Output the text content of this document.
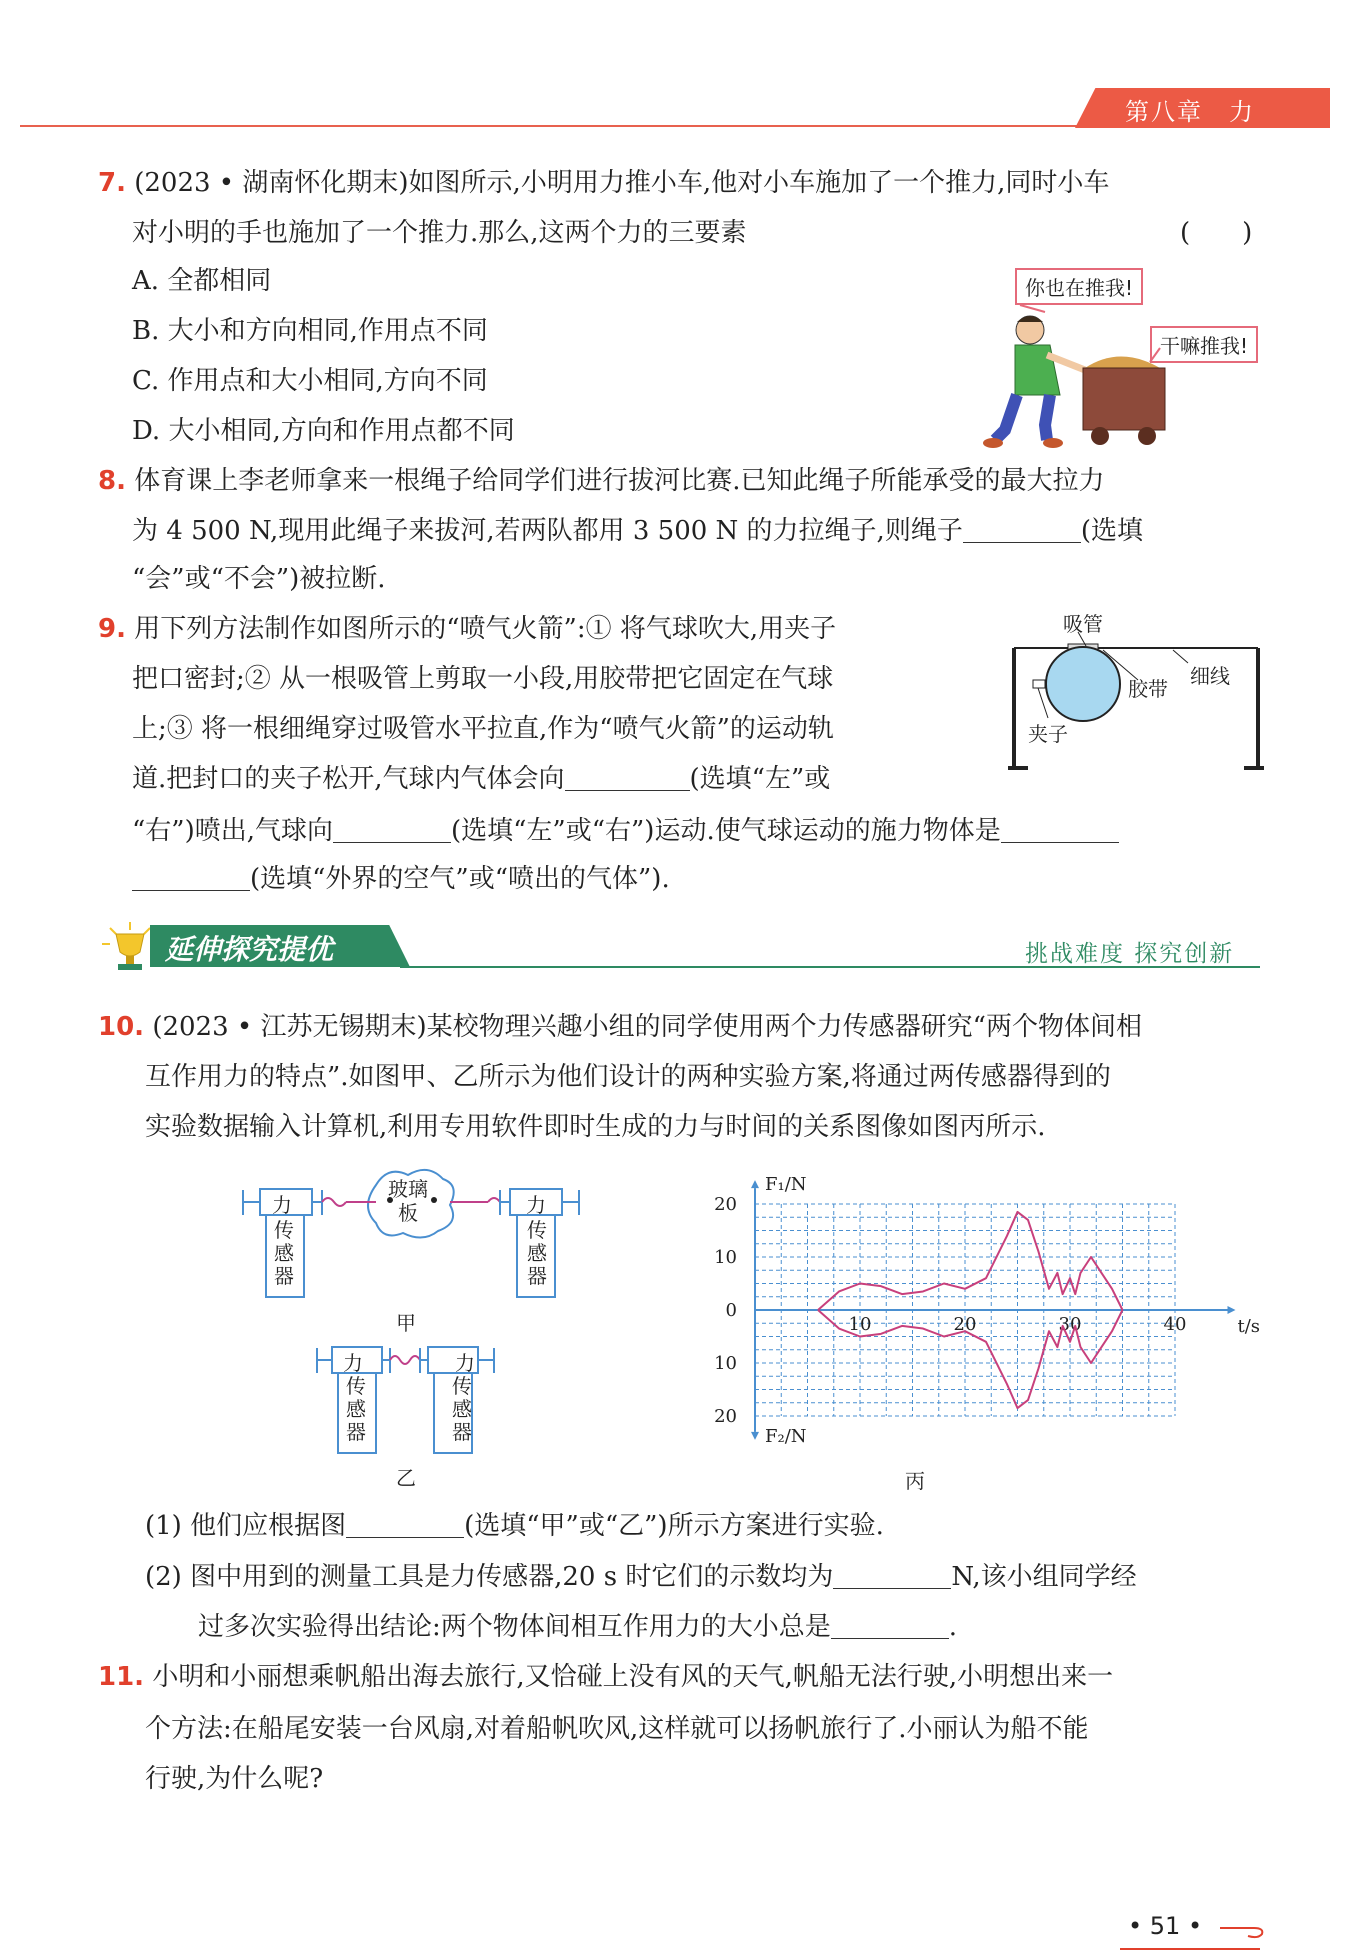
第八章　力
7. (2023 • 湖南怀化期末)如图所示,小明用力推小车,他对小车施加了一个推力,同时小车
对小明的手也施加了一个推力.那么,这两个力的三要素	(　　)
A. 全都相同
B. 大小和方向相同,作用点不同
C. 作用点和大小相同,方向不同
D. 大小相同,方向和作用点都不同
你也在推我!
干嘛推我!
8. 体育课上李老师拿来一根绳子给同学们进行拔河比赛.已知此绳子所能承受的最大拉力
为 4 500 N,现用此绳子来拔河,若两队都用 3 500 N 的力拉绳子,则绳子	(选填
“会”或“不会”)被拉断.
9. 用下列方法制作如图所示的“喷气火箭”:① 将气球吹大,用夹子
把口密封;② 从一根吸管上剪取一小段,用胶带把它固定在气球
上;③ 将一根细绳穿过吸管水平拉直,作为“喷气火箭”的运动轨
道.把封口的夹子松开,气球内气体会向	(选填“左”或
“右”)喷出,气球向	(选填“左”或“右”)运动.使气球运动的施力物体是
(选填“外界的空气”或“喷出的气体”).
吸管
胶带
细线
夹子
延伸探究提优	挑战难度 探究创新
10. (2023 • 江苏无锡期末)某校物理兴趣小组的同学使用两个力传感器研究“两个物体间相
互作用力的特点”.如图甲、乙所示为他们设计的两种实验方案,将通过两传感器得到的
实验数据输入计算机,利用专用软件即时生成的力与时间的关系图像如图丙所示.
力
传感器
玻璃板	力
传感器
甲
力
传感器
力
传感器
乙
10	20	30	40
20
10
10
20
0
F₁/N
F₂/N
t/s
丙
(1) 他们应根据图	(选填“甲”或“乙”)所示方案进行实验.
(2) 图中用到的测量工具是力传感器,20 s 时它们的示数均为	N,该小组同学经
过多次实验得出结论:两个物体间相互作用力的大小总是	.
11. 小明和小丽想乘帆船出海去旅行,又恰碰上没有风的天气,帆船无法行驶,小明想出来一
个方法:在船尾安装一台风扇,对着船帆吹风,这样就可以扬帆旅行了.小丽认为船不能
行驶,为什么呢?
• 51 •
